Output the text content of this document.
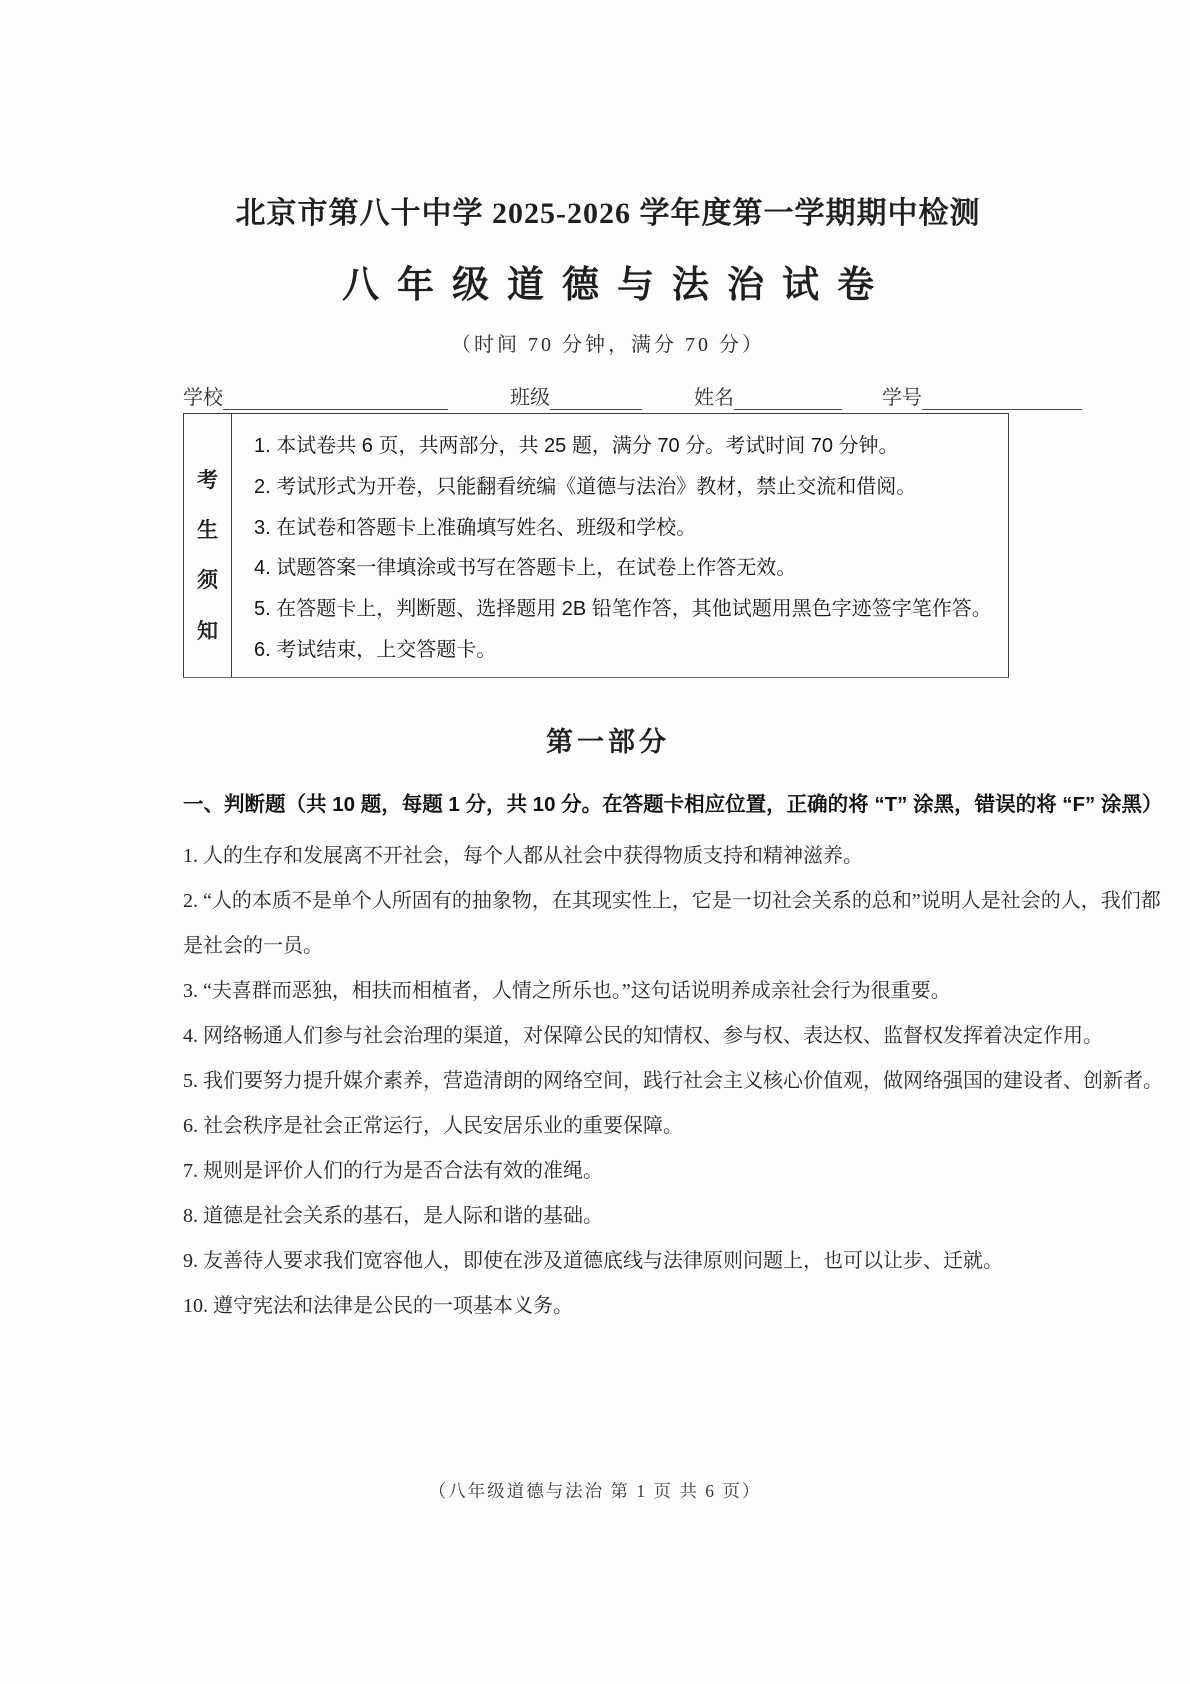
北京市第八十中学 2025-2026 学年度第一学期期中检测
八年级道德与法治试卷
（时间 70 分钟，满分 70 分）
学校	班级	姓名	学号
考
生
须
知

1. 本试卷共 6 页，共两部分，共 25 题，满分 70 分。考试时间 70 分钟。

2. 考试形式为开卷，只能翻看统编《道德与法治》教材，禁止交流和借阅。

3. 在试卷和答题卡上准确填写姓名、班级和学校。

4. 试题答案一律填涂或书写在答题卡上，在试卷上作答无效。

5. 在答题卡上，判断题、选择题用 2B 铅笔作答，其他试题用黑色字迹签字笔作答。

6. 考试结束，上交答题卡。

第一部分
一、判断题（共 10 题，每题 1 分，共 10 分。在答题卡相应位置，正确的将 “T” 涂黑，错误的将 “F” 涂黑）

1. 人的生存和发展离不开社会，每个人都从社会中获得物质支持和精神滋养。

2. “人的本质不是单个人所固有的抽象物，在其现实性上，它是一切社会关系的总和”说明人是社会的人，我们都是社会的一员。

3. “夫喜群而恶独，相扶而相植者，人情之所乐也。”这句话说明养成亲社会行为很重要。

4. 网络畅通人们参与社会治理的渠道，对保障公民的知情权、参与权、表达权、监督权发挥着决定作用。

5. 我们要努力提升媒介素养，营造清朗的网络空间，践行社会主义核心价值观，做网络强国的建设者、创新者。

6. 社会秩序是社会正常运行，人民安居乐业的重要保障。

7. 规则是评价人们的行为是否合法有效的准绳。

8. 道德是社会关系的基石，是人际和谐的基础。

9. 友善待人要求我们宽容他人，即使在涉及道德底线与法律原则问题上，也可以让步、迁就。

10. 遵守宪法和法律是公民的一项基本义务。

（八年级道德与法治 第 1 页 共 6 页）
